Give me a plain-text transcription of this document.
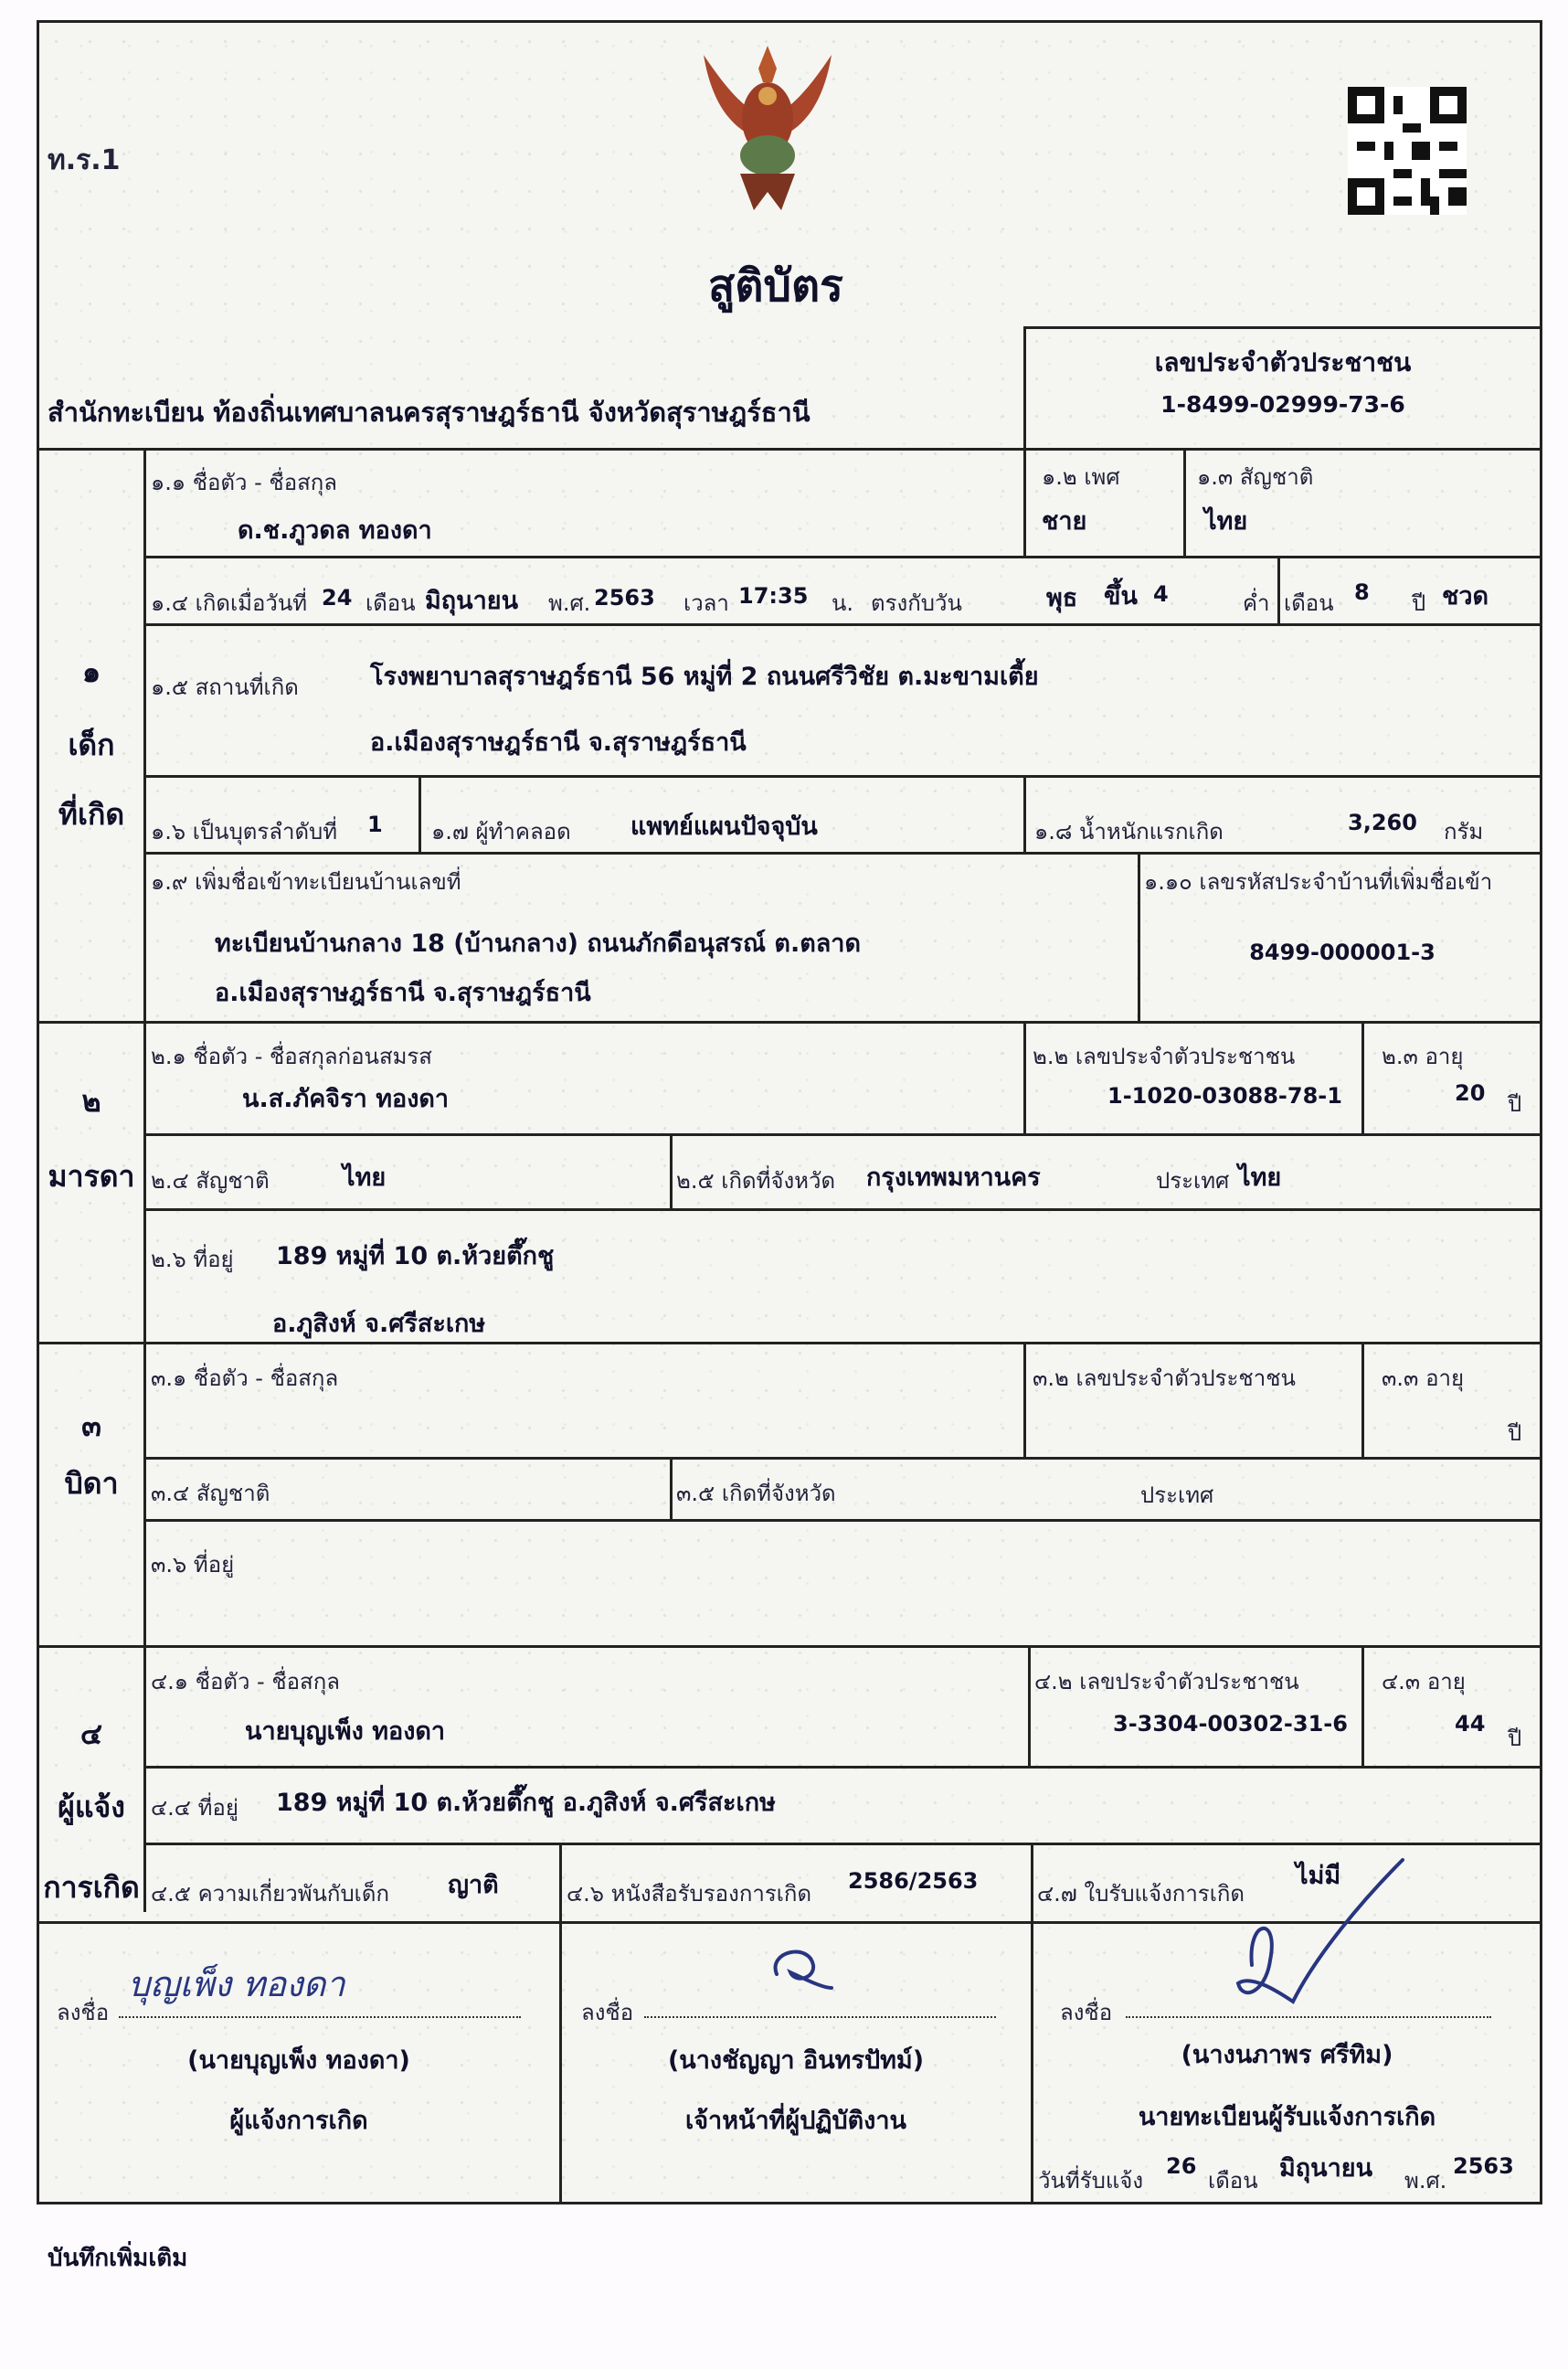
ท.ร.1
สูติบัตร
สำนักทะเบียน ท้องถิ่นเทศบาลนครสุราษฎร์ธานี จังหวัดสุราษฎร์ธานี
เลขประจำตัวประชาชน
1-8499-02999-73-6
๑
เด็ก
ที่เกิด
๑.๑ ชื่อตัว - ชื่อสกุล
ด.ช.ภูวดล ทองดา
๑.๒ เพศ
ชาย
๑.๓ สัญชาติ
ไทย
๑.๔ เกิดเมื่อวันที่ 24 เดือน มิถุนายน พ.ศ. 2563 เวลา 17:35 น. ตรงกับวัน	พุธ ขึ้น 4	ค่ำ เดือน 8 ปี ชวด
๑.๕ สถานที่เกิด	โรงพยาบาลสุราษฎร์ธานี 56 หมู่ที่ 2 ถนนศรีวิชัย ต.มะขามเตี้ย
อ.เมืองสุราษฎร์ธานี จ.สุราษฎร์ธานี
๑.๖ เป็นบุตรลำดับที่ 1 ๑.๗ ผู้ทำคลอด แพทย์แผนปัจจุบัน	๑.๘ น้ำหนักแรกเกิด	3,260 กรัม
๑.๙ เพิ่มชื่อเข้าทะเบียนบ้านเลขที่
ทะเบียนบ้านกลาง 18 (บ้านกลาง) ถนนภักดีอนุสรณ์ ต.ตลาด
อ.เมืองสุราษฎร์ธานี จ.สุราษฎร์ธานี
๑.๑๐ เลขรหัสประจำบ้านที่เพิ่มชื่อเข้า
8499-000001-3
๒
มารดา
๒.๑ ชื่อตัว - ชื่อสกุลก่อนสมรส
น.ส.ภัคจิรา ทองดา
๒.๒ เลขประจำตัวประชาชน
1-1020-03088-78-1
๒.๓ อายุ
20 ปี
๒.๔ สัญชาติ	ไทย	๒.๕ เกิดที่จังหวัด กรุงเทพมหานคร	ประเทศ ไทย
๒.๖ ที่อยู่ 189 หมู่ที่ 10 ต.ห้วยตึ๊กชู
อ.ภูสิงห์ จ.ศรีสะเกษ
๓
บิดา
๓.๑ ชื่อตัว - ชื่อสกุล	๓.๒ เลขประจำตัวประชาชน	๓.๓ อายุ
ปี
๓.๔ สัญชาติ	๓.๕ เกิดที่จังหวัด	ประเทศ
๓.๖ ที่อยู่
๔
ผู้แจ้ง
การเกิด
๔.๑ ชื่อตัว - ชื่อสกุล
นายบุญเพ็ง ทองดา
๔.๒ เลขประจำตัวประชาชน
3-3304-00302-31-6
๔.๓ อายุ
44
ปี
๔.๔ ที่อยู่ 189 หมู่ที่ 10 ต.ห้วยตึ๊กชู อ.ภูสิงห์ จ.ศรีสะเกษ
๔.๕ ความเกี่ยวพันกับเด็ก ญาติ	๔.๖ หนังสือรับรองการเกิด 2586/2563	๔.๗ ใบรับแจ้งการเกิด
ไม่มี
ลงชื่อ
บุญเพ็ง ทองดา
(นายบุญเพ็ง ทองดา)
ผู้แจ้งการเกิด
ลงชื่อ
(นางชัญญา อินทรปัทม์)
เจ้าหน้าที่ผู้ปฏิบัติงาน
ลงชื่อ
(นางนภาพร ศรีทิม)
นายทะเบียนผู้รับแจ้งการเกิด
วันที่รับแจ้ง
26
เดือน มิถุนายน พ.ศ.
2563
บันทึกเพิ่มเติม
